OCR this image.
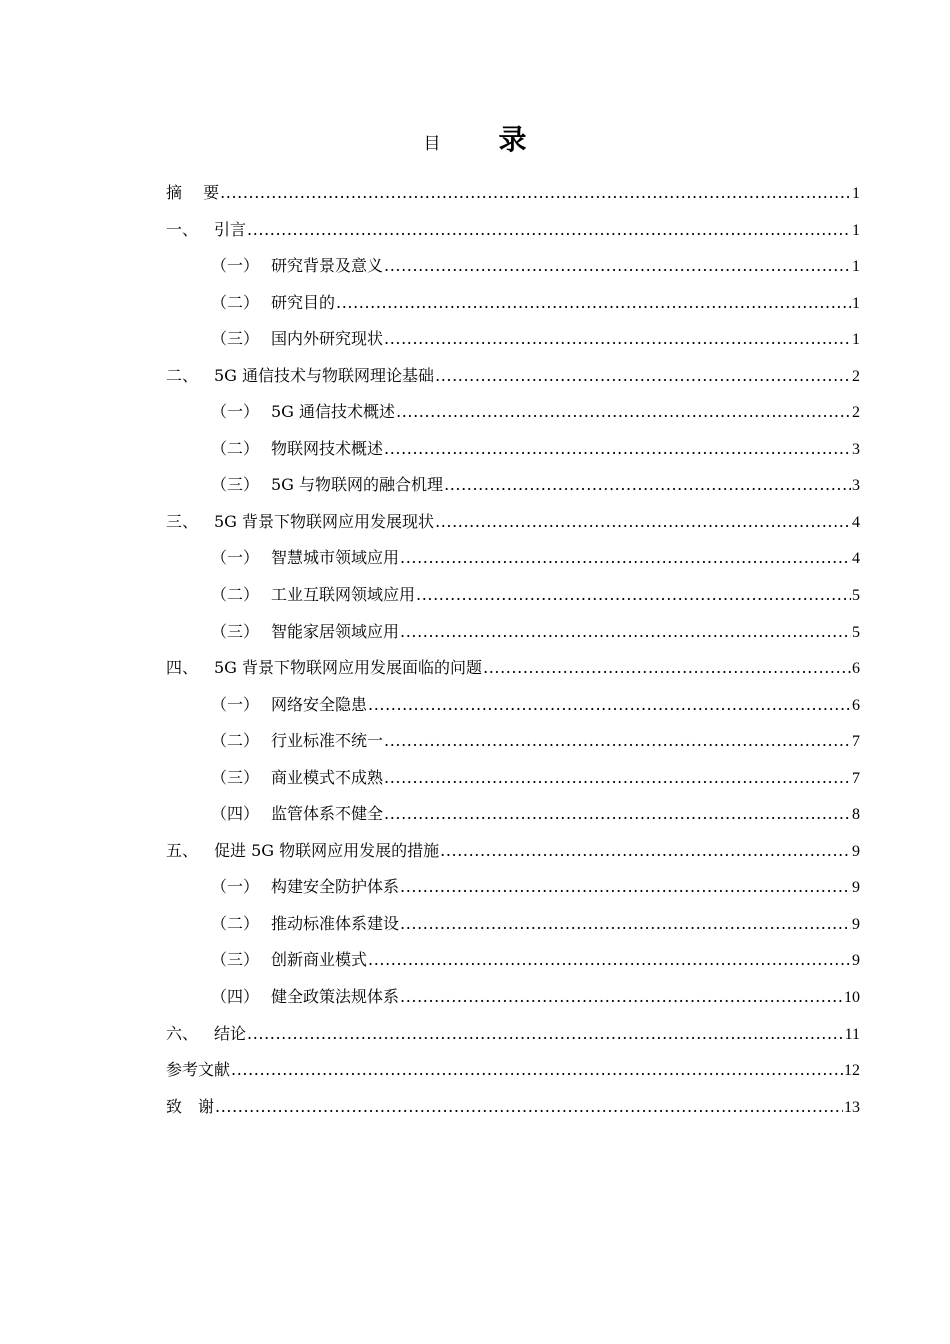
目 录
摘　 要 .....	1
一、 引言 .....	1
（一） 研究背景及意义 .....	1
（二） 研究目的 .....	1
（三） 国内外研究现状 .....	1
二、 5G 通信技术与物联网理论基础 .....	2
（一） 5G 通信技术概述 .....	2
（二） 物联网技术概述 .....	3
（三） 5G 与物联网的融合机理 .....	3
三、 5G 背景下物联网应用发展现状 .....	4
（一） 智慧城市领域应用 .....	4
（二） 工业互联网领域应用 .....	5
（三） 智能家居领域应用 .....	5
四、 5G 背景下物联网应用发展面临的问题 .....	6
（一） 网络安全隐患 .....	6
（二） 行业标准不统一 .....	7
（三） 商业模式不成熟 .....	7
（四） 监管体系不健全 .....	8
五、 促进 5G 物联网应用发展的措施 .....	9
（一） 构建安全防护体系 .....	9
（二） 推动标准体系建设 .....	9
（三） 创新商业模式 .....	9
（四） 健全政策法规体系 .....	10
六、 结论 .....	11
参考文献 .....	12
致　谢 .....	13
